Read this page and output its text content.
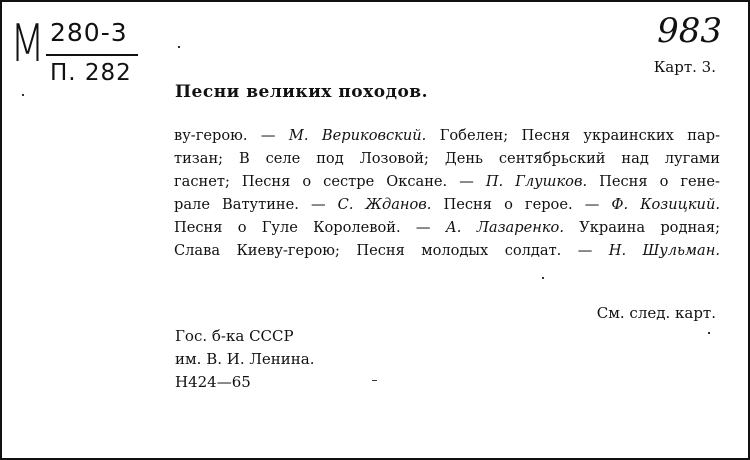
М 280-3
П. 282
983
Карт. 3.
Песни великих походов.
ву-герою. — М. Вериковский. Гобелен; Песня украинских пар-
тизан; В селе под Лозовой; День сентябрьский над лугами
гаснет; Песня о сестре Оксане. — П. Глушков. Песня о гене-
рале Ватутине. — С. Жданов. Песня о герое. — Ф. Козицкий.
Песня о Гуле Королевой. — А. Лазаренко. Украина родная;
Слава Киеву-герою; Песня молодых солдат. — Н. Шульман.
См. след. карт.
Гос. б-ка СССР
им. В. И. Ленина.
Н424—65
